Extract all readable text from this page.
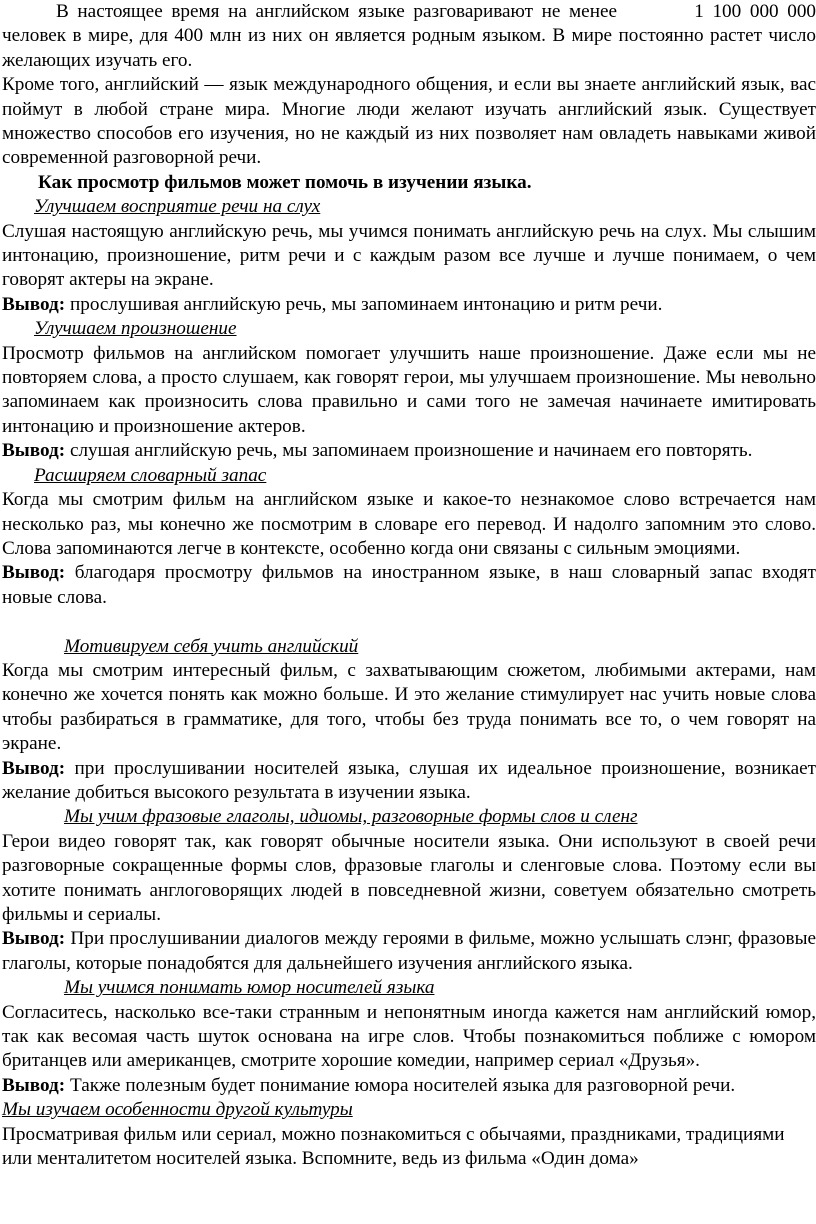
В настоящее время на английском языке разговаривают не менее	1 100 000 000

человек в мире, для 400 млн из них он является родным языком. В мире постоянно растет число желающих изучать его.

Кроме того, английский — язык международного общения, и если вы знаете английский язык, вас поймут в любой стране мира. Многие люди желают изучать английский язык. Существует множество способов его изучения, но не каждый из них позволяет нам овладеть навыками живой современной разговорной речи.

Как просмотр фильмов может помочь в изучении языка.

Улучшаем восприятие речи на слух

Слушая настоящую английскую речь, мы учимся понимать английскую речь на слух. Мы слышим интонацию, произношение, ритм речи и с каждым разом все лучше и лучше понимаем, о чем говорят актеры на экране.

Вывод: прослушивая английскую речь, мы запоминаем интонацию и ритм речи.

Улучшаем произношение

Просмотр фильмов на английском помогает улучшить наше произношение. Даже если мы не повторяем слова, а просто слушаем, как говорят герои, мы улучшаем произношение. Мы невольно запоминаем как произносить слова правильно и сами того не замечая начинаете имитировать интонацию и произношение актеров.

Вывод: слушая английскую речь, мы запоминаем произношение и начинаем его повторять.

Расширяем словарный запас

Когда мы смотрим фильм на английском языке и какое-то незнакомое слово встречается нам несколько раз, мы конечно же посмотрим в словаре его перевод. И надолго запомним это слово. Слова запоминаются легче в контексте, особенно когда они связаны с сильным эмоциями.

Вывод: благодаря просмотру фильмов на иностранном языке, в наш словарный запас входят новые слова.

Мотивируем себя учить английский

Когда мы смотрим интересный фильм, с захватывающим сюжетом, любимыми актерами, нам конечно же хочется понять как можно больше. И это желание стимулирует нас учить новые слова чтобы разбираться в грамматике, для того, чтобы без труда понимать все то, о чем говорят на экране.

Вывод: при прослушивании носителей языка, слушая их идеальное произношение, возникает желание добиться высокого результата в изучении языка.

Мы учим фразовые глаголы, идиомы, разговорные формы слов и сленг

Герои видео говорят так, как говорят обычные носители языка. Они используют в своей речи разговорные сокращенные формы слов, фразовые глаголы и сленговые слова. Поэтому если вы хотите понимать англоговорящих людей в повседневной жизни, советуем обязательно смотреть фильмы и сериалы.

Вывод: При прослушивании диалогов между героями в фильме, можно услышать слэнг, фразовые глаголы, которые понадобятся для дальнейшего изучения английского языка.

Мы учимся понимать юмор носителей языка

Согласитесь, насколько все-таки странным и непонятным иногда кажется нам английский юмор, так как весомая часть шуток основана на игре слов. Чтобы познакомиться поближе с юмором британцев или американцев, смотрите хорошие комедии, например сериал «Друзья».

Вывод: Также полезным будет понимание юмора носителей языка для разговорной речи.

Мы изучаем особенности другой культуры

Просматривая фильм или сериал, можно познакомиться с обычаями, праздниками, традициями или менталитетом носителей языка. Вспомните, ведь из фильма «Один дома»
